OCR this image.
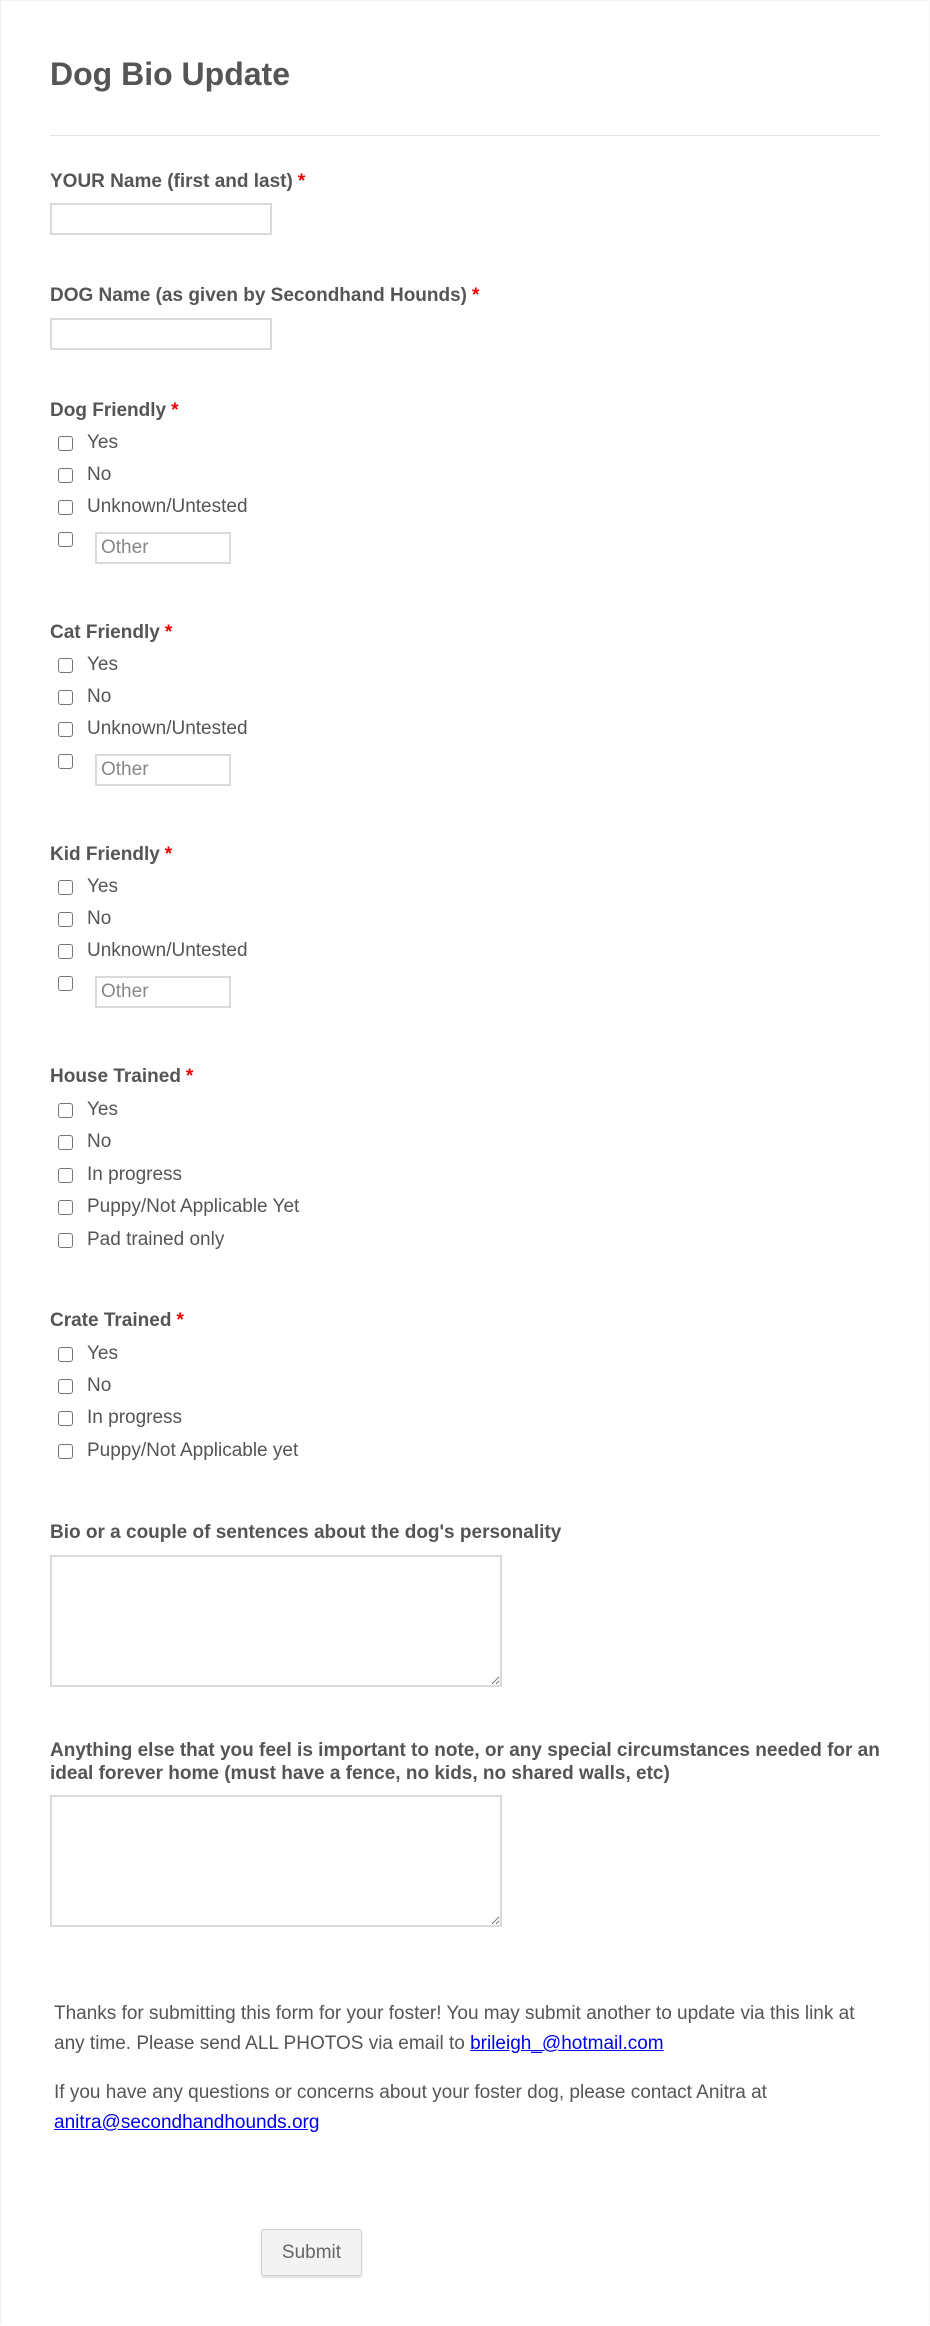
Dog Bio Update
YOUR Name (first and last) *
DOG Name (as given by Secondhand Hounds) *
Dog Friendly *
Yes
No
Unknown/Untested
Other
Cat Friendly *
Yes
No
Unknown/Untested
Other
Kid Friendly *
Yes
No
Unknown/Untested
Other
House Trained *
Yes
No
In progress
Puppy/Not Applicable Yet
Pad trained only
Crate Trained *
Yes
No
In progress
Puppy/Not Applicable yet
Bio or a couple of sentences about the dog's personality
Anything else that you feel is important to note, or any special circumstances needed for an ideal forever home (must have a fence, no kids, no shared walls, etc)

Thanks for submitting this form for your foster! You may submit another to update via this link at any time. Please send ALL PHOTOS via email to brileigh_@hotmail.com

If you have any questions or concerns about your foster dog, please contact Anitra at anitra@secondhandhounds.org

Submit
